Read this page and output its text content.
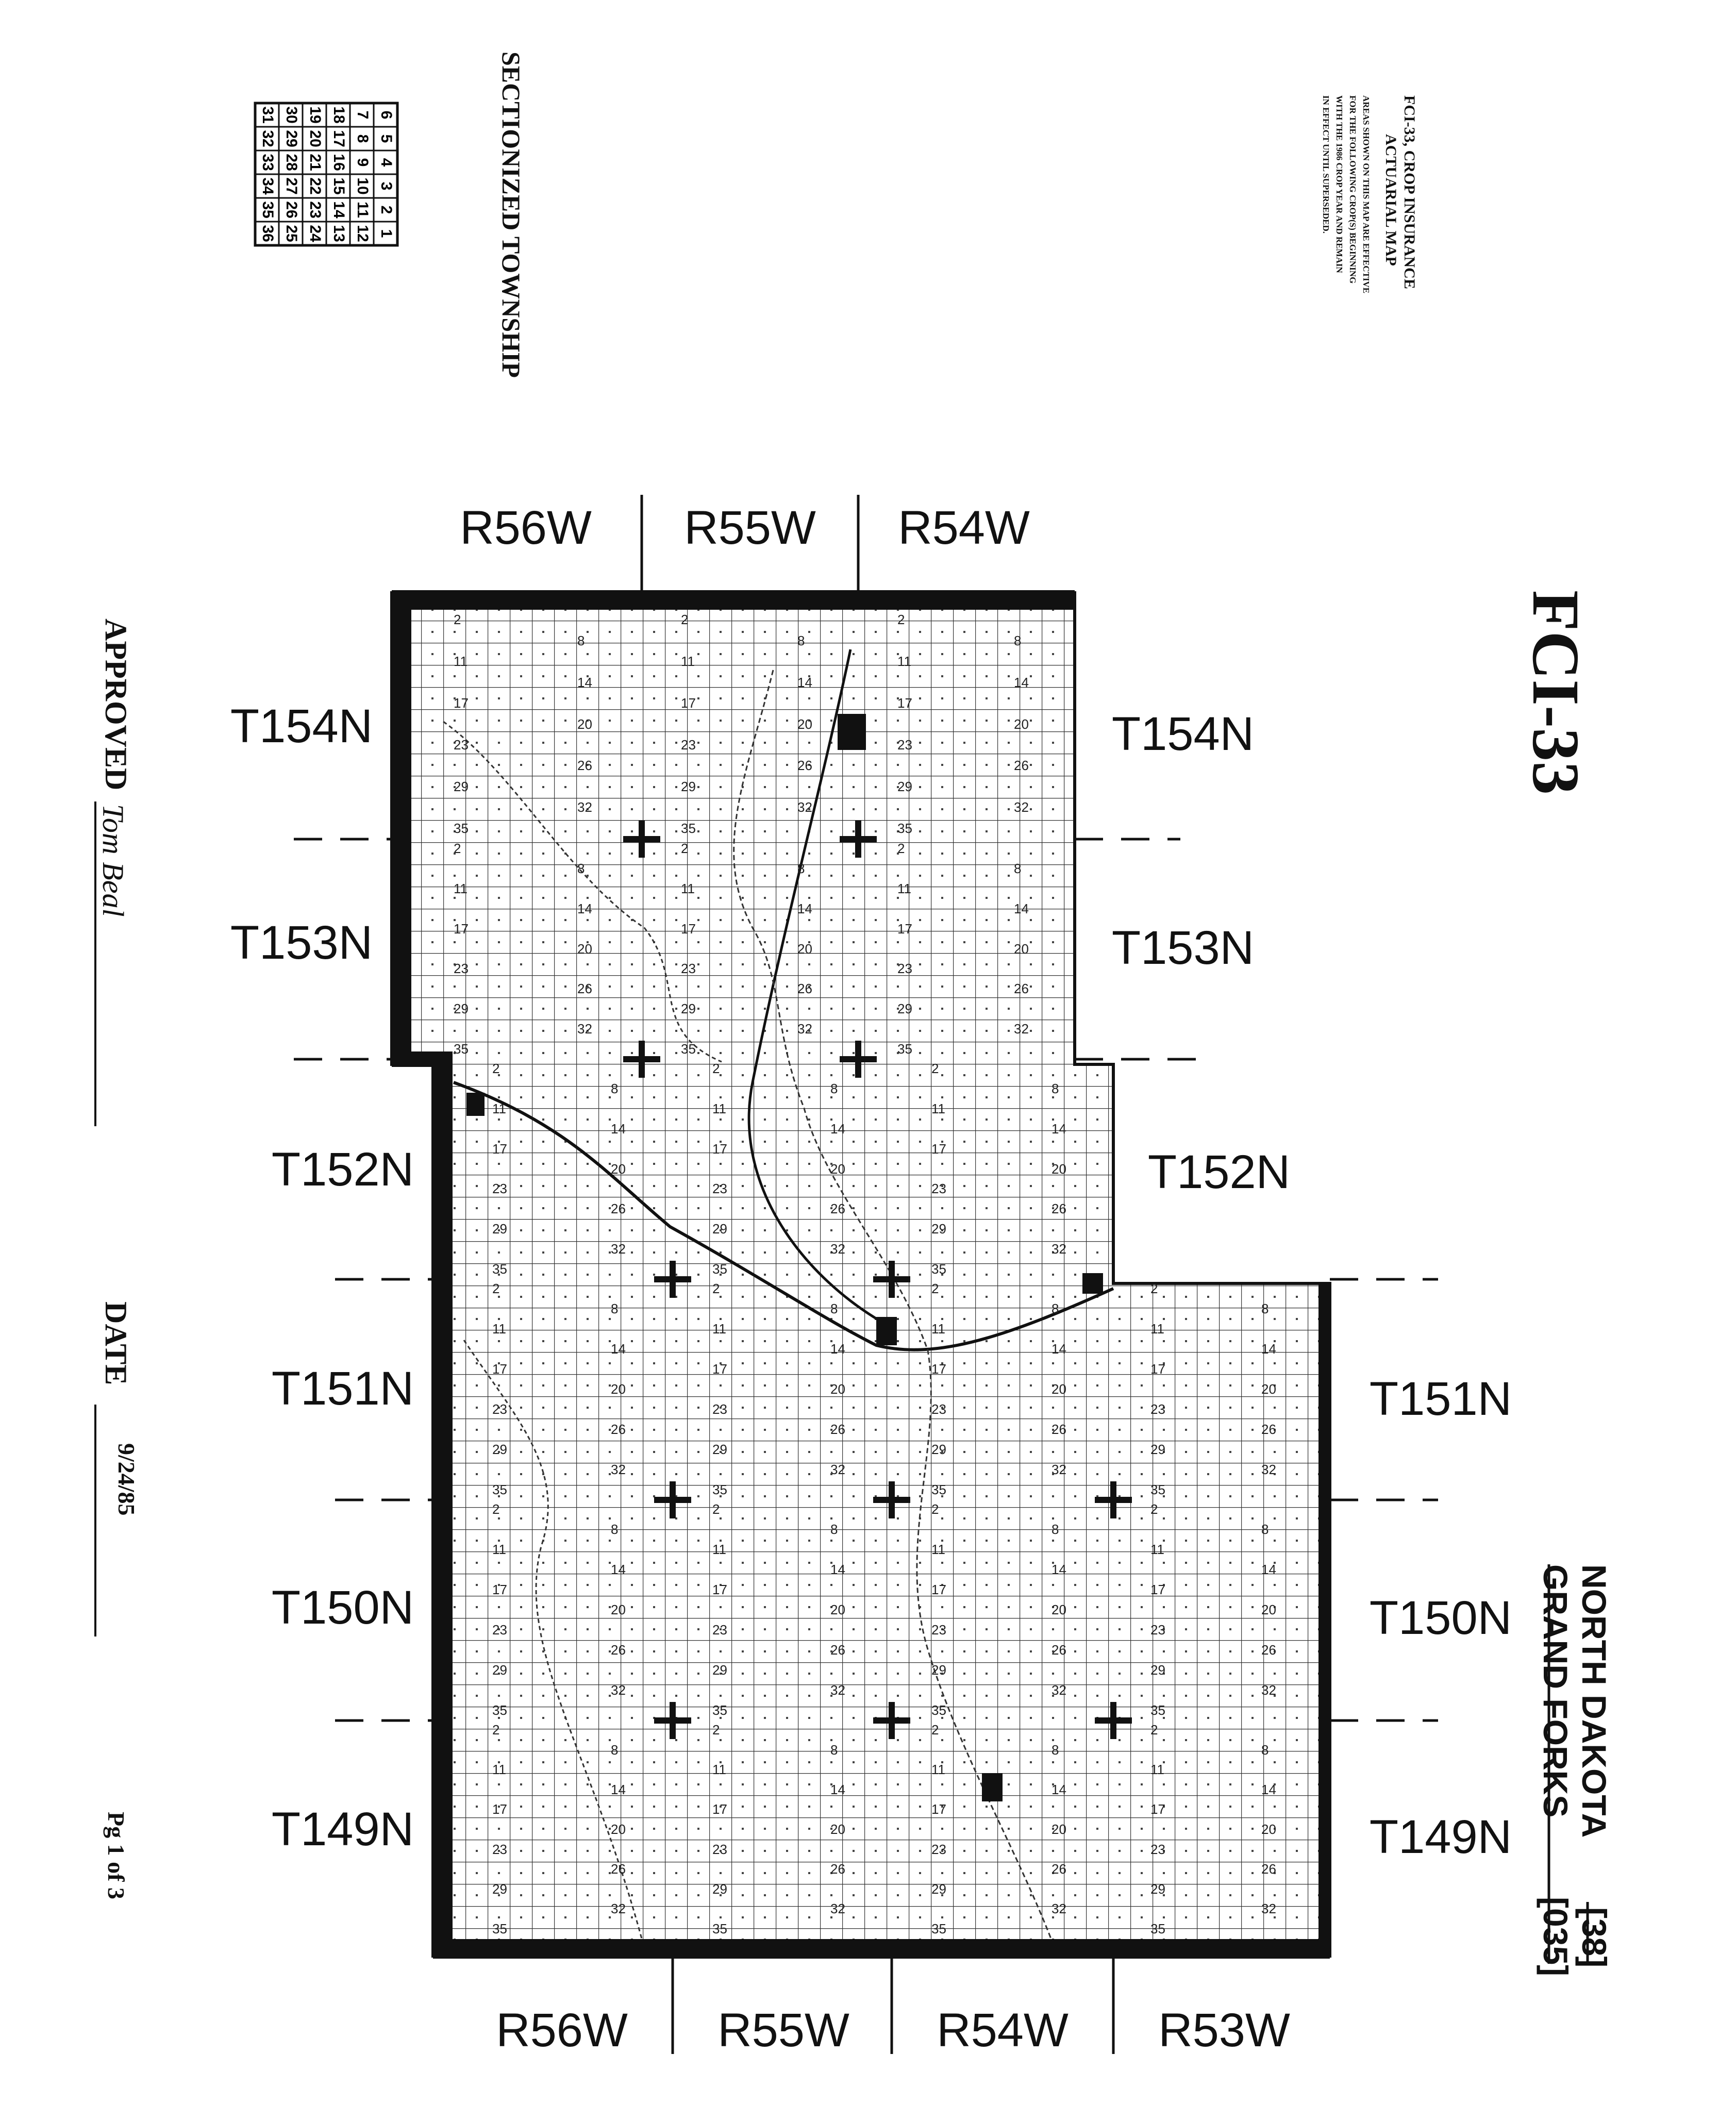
6
5
4
3
2
1
7
8
9
10
11
12
18
17
16
15
14
13
19
20
21
22
23
24
30
29
28
27
26
25
31
32
33
34
35
36	SECTIONIZED TOWNSHIP	FCI-33, CROP INSURANCE
ACTUARIAL MAP
AREAS SHOWN ON THIS MAP ARE EFFECTIVE
FOR THE FOLLOWING CROP(S) BEGINNING
WITH THE 1986 CROP YEAR AND REMAIN
IN EFFECT UNTIL SUPERSEDED.
FCI-33
NORTH DAKOTA
[38]
GRAND FORKS
[035]
APPROVED
Tom Beal
DATE
9/24/85
Pg 1 of 3
2
8
11
14
17
20
23
26
29
32
35
2
8
11
14
17
20
23
26
29
32
35
2
8
11
14
17
20
23
26
29
32
35
2
8
11
14
17
20
23
26
29
32
35
2
8
11
14
17
20
23
26
29
32
35
2
8
11
14
17
20
23
26
29
32
35
2
8
11
14
17
20
23
26
29
32
35
2
8
11
14
17
20
23
26
29
32
35
2
8
11
14
17
20
23
26
29
32
35
2
8
11
14
17
20
23
26
29
32
35
2
8
11
14
17
20
23
26
29
32
35
2
8
11
14
17
20
23
26
29
32
35
2
8
11
14
17
20
23
26
29
32
35
2
8
11
14
17
20
23
26
29
32
35
2
8
11
14
17
20
23
26
29
32
35
2
8
11
14
17
20
23
26
29
32
35
2
8
11
14
17
20
23
26
29
32
35
2
8
11
14
17
20
23
26
29
32
35
2
8
11
14
17
20
23
26
29
32
35
2
8
11
14
17
20
23
26
29
32
35
2
8
11
14
17
20
23
26
29
32
35
R56W R55W R54W
R56W R55W R54W R53W
T154N
T153N
T152N
T151N
T150N
T149N
T154N
T153N
T152N
T151N
T150N
T149N
